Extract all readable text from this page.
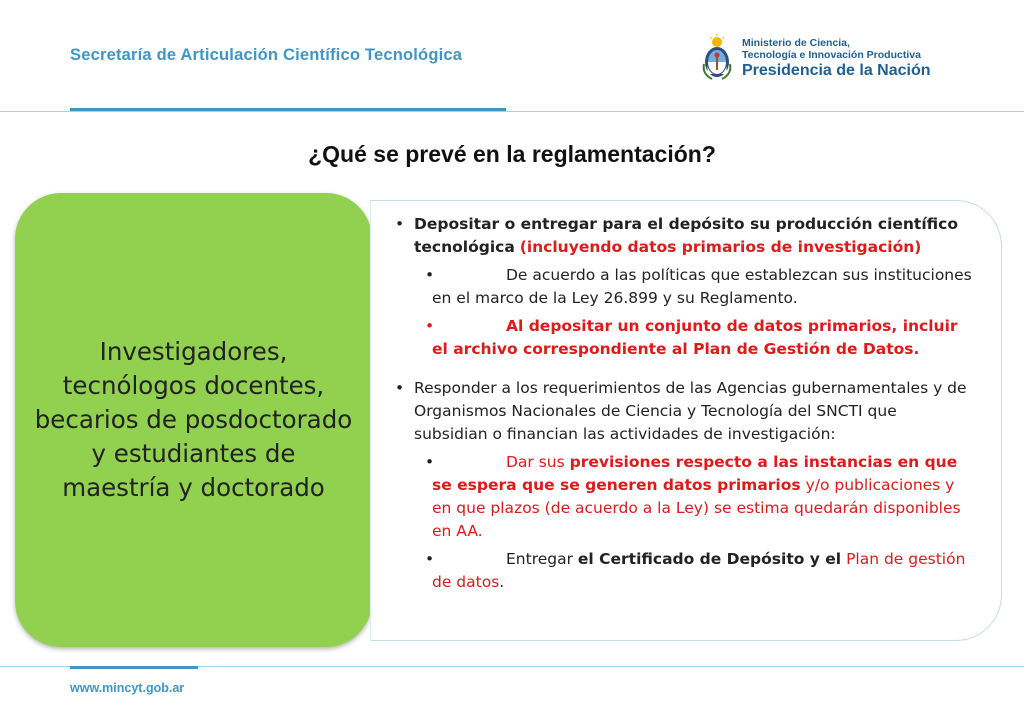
Secretaría de Articulación Científico Tecnológica
Ministerio de Ciencia,
Tecnología e Innovación Productiva
Presidencia de la Nación
¿Qué se prevé en la reglamentación?
Investigadores, tecnólogos docentes, becarios de posdoctorado y estudiantes de maestría y doctorado
• Depositar o entregar para el depósito su producción científico tecnológica (incluyendo datos primarios de investigación)
•	De acuerdo a las políticas que establezcan sus instituciones en el marco de la Ley 26.899 y su Reglamento.
•	Al depositar un conjunto de datos primarios, incluir el archivo correspondiente al Plan de Gestión de Datos.
• Responder a los requerimientos de las Agencias gubernamentales y de Organismos Nacionales de Ciencia y Tecnología del SNCTI que subsidian o financian las actividades de investigación:
•	Dar sus previsiones respecto a las instancias en que se espera que se generen datos primarios y/o publicaciones y en que plazos (de acuerdo a la Ley) se estima quedarán disponibles en AA.
•	Entregar el Certificado de Depósito y el Plan de gestión de datos.
www.mincyt.gob.ar
